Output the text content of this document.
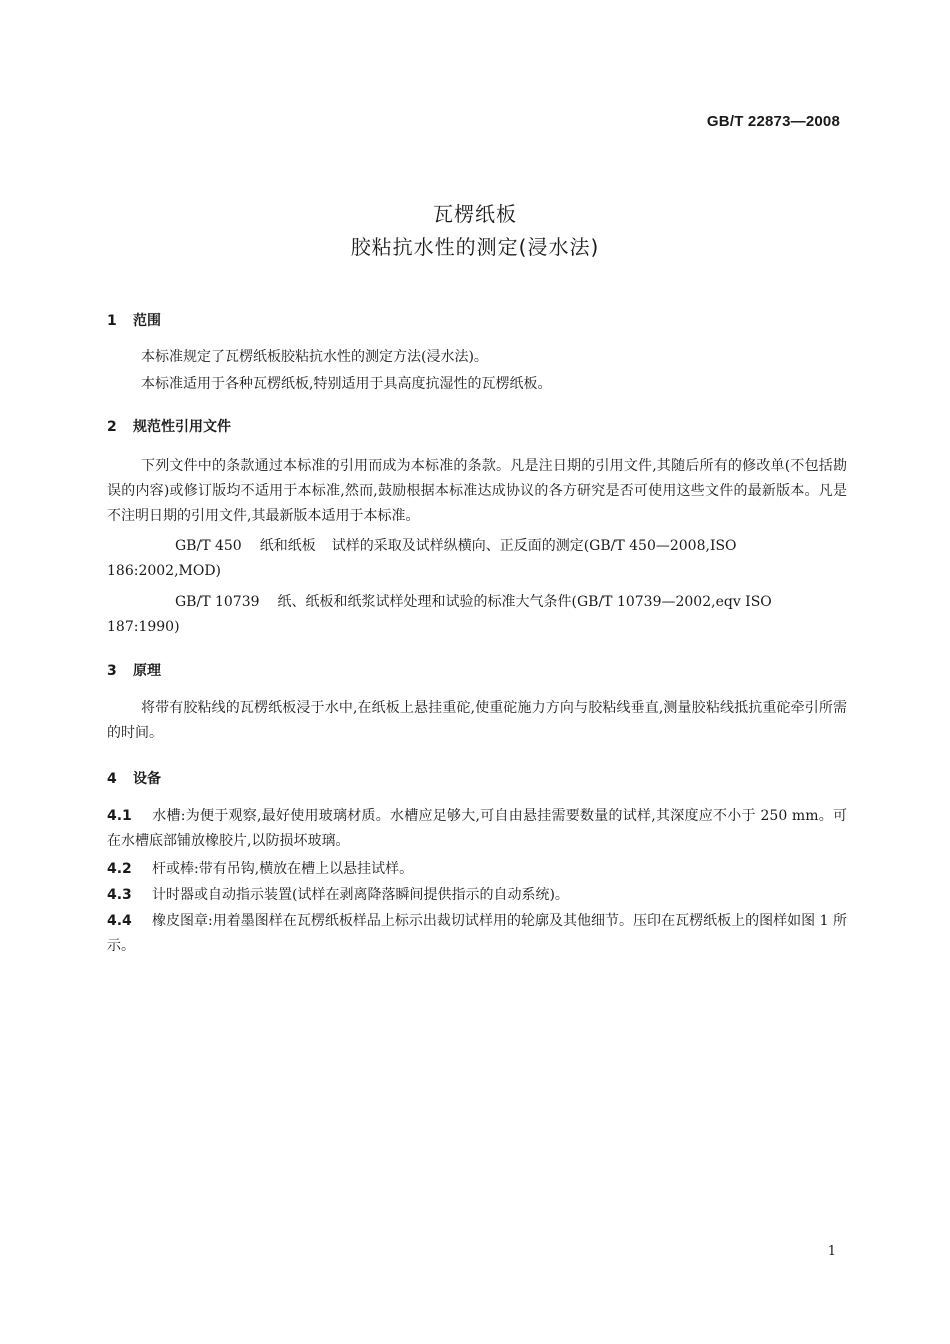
GB/T 22873—2008
瓦楞纸板
胶粘抗水性的测定(浸水法)
1 范围

本标准规定了瓦楞纸板胶粘抗水性的测定方法(浸水法)。

本标准适用于各种瓦楞纸板,特别适用于具高度抗湿性的瓦楞纸板。

2 规范性引用文件

下列文件中的条款通过本标准的引用而成为本标准的条款。凡是注日期的引用文件,其随后所有的修改单(不包括勘误的内容)或修订版均不适用于本标准,然而,鼓励根据本标准达成协议的各方研究是否可使用这些文件的最新版本。凡是不注明日期的引用文件,其最新版本适用于本标准。

GB/T 450 纸和纸板 试样的采取及试样纵横向、正反面的测定(GB/T 450—2008,ISO 186:2002,MOD)

GB/T 10739 纸、纸板和纸浆试样处理和试验的标准大气条件(GB/T 10739—2002,eqv ISO 187:1990)

3 原理

将带有胶粘线的瓦楞纸板浸于水中,在纸板上悬挂重砣,使重砣施力方向与胶粘线垂直,测量胶粘线抵抗重砣牵引所需的时间。

4 设备

4.1 水槽:为便于观察,最好使用玻璃材质。水槽应足够大,可自由悬挂需要数量的试样,其深度应不小于 250 mm。可在水槽底部铺放橡胶片,以防损坏玻璃。

4.2 杆或棒:带有吊钩,横放在槽上以悬挂试样。

4.3 计时器或自动指示装置(试样在剥离降落瞬间提供指示的自动系统)。

4.4 橡皮图章:用着墨图样在瓦楞纸板样品上标示出裁切试样用的轮廓及其他细节。压印在瓦楞纸板上的图样如图 1 所示。

1
